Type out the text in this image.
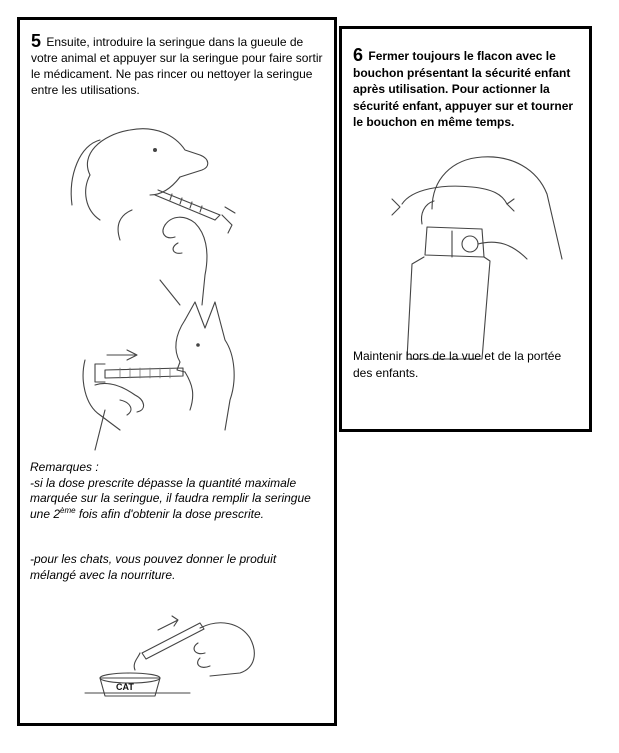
5 Ensuite, introduire la seringue dans la gueule de votre animal et appuyer sur la seringue pour faire sortir le médicament. Ne pas rincer ou nettoyer la seringue entre les utilisations.
Remarques :
-si la dose prescrite dépasse la quantité maximale marquée sur la seringue, il faudra remplir la seringue une 2ème fois afin d'obtenir la dose prescrite.
-pour les chats, vous pouvez donner le produit mélangé avec la nourriture.
CAT
6 Fermer toujours le flacon avec le bouchon présentant la sécurité enfant après utilisation. Pour actionner la sécurité enfant, appuyer sur et tourner le bouchon en même temps.
Maintenir hors de la vue et de la portée des enfants.
